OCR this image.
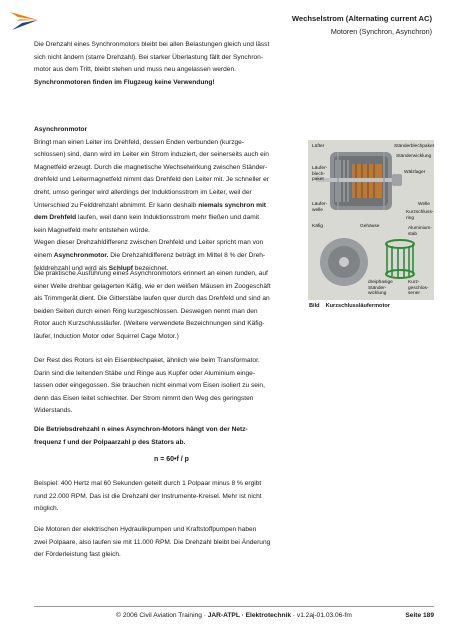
Wechselstrom (Alternating current AC)
Motoren (Synchron, Asynchron)
Die Drehzahl eines Synchronmotors bleibt bei allen Belastungen gleich und lässt
sich nicht ändern (starre Drehzahl). Bei starker Überlastung fällt der Synchron-
motor aus dem Tritt, bleibt stehen und muss neu angelassen werden.
Synchronmotoren finden im Flugzeug keine Verwendung!
Asynchronmotor
Bringt man einen Leiter ins Drehfeld, dessen Enden verbunden (kurzge-
schlossen) sind, dann wird im Leiter ein Strom induziert, der seinerseits auch ein
Magnetfeld erzeugt. Durch die magnetische Wechselwirkung zwischen Ständer-
drehfeld und Leitermagnetfeld nimmt das Drehfeld den Leiter mit. Je schneller er
dreht, umso geringer wird allerdings der Induktionsstrom im Leiter, weil der
Unterschied zu Felddrehzahl abnimmt. Er kann deshalb niemals synchron mit
dem Drehfeld laufen, weil dann kein Induktionsstrom mehr fließen und damit
kein Magnetfeld mehr entstehen würde.
Wegen dieser Drehzahldifferenz zwischen Drehfeld und Leiter spricht man von
einem Asynchronmotor. Die Drehzahldifferenz beträgt im Mittel 8 % der Dreh-
felddrehzahl und wird als Schlupf bezeichnet.
Die praktische Ausführung eines Asynchronmotors erinnert an einen runden, auf
einer Welle drehbar gelagerten Käfig, wie er den weißen Mäusen im Zoogeschäft
als Trimmgerät dient. Die Gitterstäbe laufen quer durch das Drehfeld und sind an
beiden Seiten durch einen Ring kurzgeschlossen. Deswegen nennt man den
Rotor auch Kurzschlussläufer. (Weitere verwendete Bezeichnungen sind Käfig-
läufer, Induction Motor oder Squirrel Cage Motor.)
Der Rest des Rotors ist ein Eisenblechpaket, ähnlich wie beim Transformator.
Darin sind die leitenden Stäbe und Ringe aus Kupfer oder Aluminium einge-
lassen oder eingegossen. Sie brauchen nicht einmal vom Eisen isoliert zu sein,
denn das Eisen leitet schlechter. Der Strom nimmt den Weg des geringsten
Widerstands.
Die Betriebsdrehzahl n eines Asynchron-Motors hängt von der Netz-
frequenz f und der Polpaarzahl p des Stators ab.
n = 60•f / p
Beispiel: 400 Hertz mal 60 Sekunden geteilt durch 1 Polpaar minus 8 % ergibt
rund 22.000 RPM. Das ist die Drehzahl der Instrumente-Kreisel. Mehr ist nicht
möglich.
Die Motoren der elektrischen Hydraulikpumpen und Kraftstoffpumpen haben
zwei Polpaare, also laufen sie mit 11.000 RPM. Die Drehzahl bleibt bei Änderung
der Förderleistung fast gleich.
Lüfter
Läufer-
blech-
paket
Läufer-
welle
Käfig
Ständerblechpaket
Ständerwicklung
Wälzlager
Welle
Kurzschluss-
ring
Aluminium-
stab
Gehäuse
dreiphasige
Ständer-
wicklung
Kurz-
geschlos-
sener
Bild Kurzschlussläufermotor
© 2006 Civil Aviation Training · JAR-ATPL · Elektrotechnik · v1.2aj-01.03.06-fm	Seite 189
